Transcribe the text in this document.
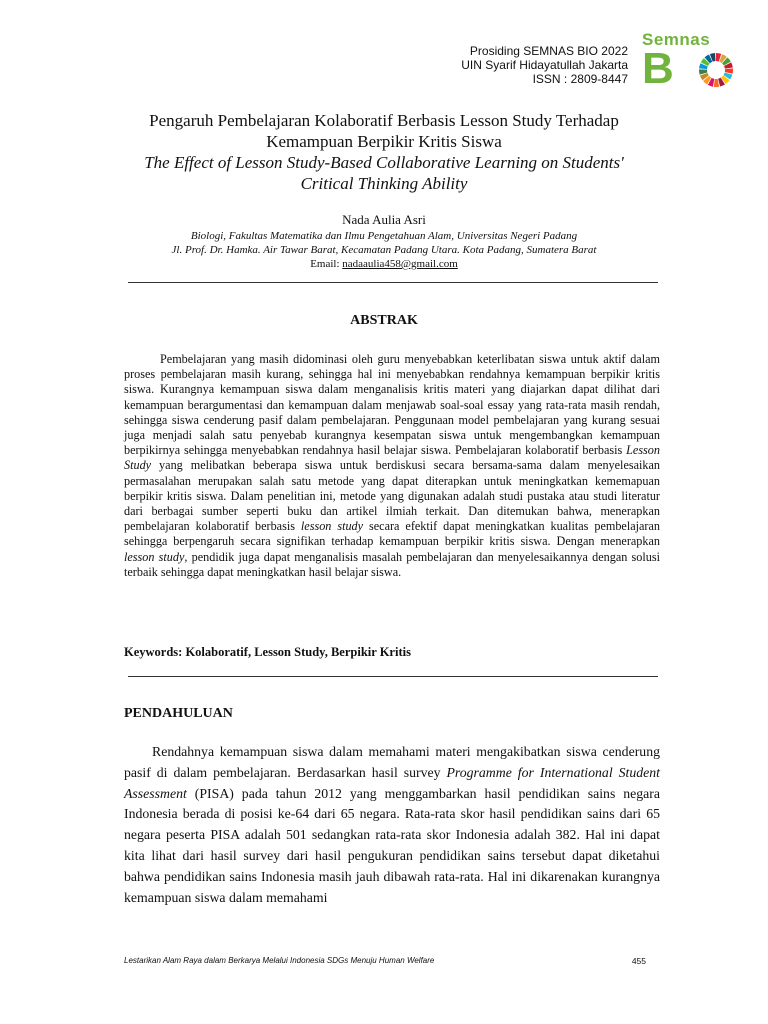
Prosiding SEMNAS BIO 2022
UIN Syarif Hidayatullah Jakarta
ISSN : 2809-8447
Semnas
B
Pengaruh Pembelajaran Kolaboratif Berbasis Lesson Study Terhadap
Kemampuan Berpikir Kritis Siswa
The Effect of Lesson Study-Based Collaborative Learning on Students'
Critical Thinking Ability
Nada Aulia Asri
Biologi, Fakultas Matematika dan Ilmu Pengetahuan Alam, Universitas Negeri Padang
Jl. Prof. Dr. Hamka. Air Tawar Barat, Kecamatan Padang Utara. Kota Padang, Sumatera Barat
Email: nadaaulia458@gmail.com
ABSTRAK

Pembelajaran yang masih didominasi oleh guru menyebabkan keterlibatan siswa untuk aktif dalam proses pembelajaran masih kurang, sehingga hal ini menyebabkan rendahnya kemampuan berpikir kritis siswa. Kurangnya kemampuan siswa dalam menganalisis kritis materi yang diajarkan dapat dilihat dari kemampuan berargumentasi dan kemampuan dalam menjawab soal-soal essay yang rata-rata masih rendah, sehingga siswa cenderung pasif dalam pembelajaran. Penggunaan model pembelajaran yang kurang sesuai juga menjadi salah satu penyebab kurangnya kesempatan siswa untuk mengembangkan kemampuan berpikirnya sehingga menyebabkan rendahnya hasil belajar siswa. Pembelajaran kolaboratif berbasis Lesson Study yang melibatkan beberapa siswa untuk berdiskusi secara bersama-sama dalam menyelesaikan permasalahan merupakan salah satu metode yang dapat diterapkan untuk meningkatkan kememapuan berpikir kritis siswa. Dalam penelitian ini, metode yang digunakan adalah studi pustaka atau studi literatur dari berbagai sumber seperti buku dan artikel ilmiah terkait. Dan ditemukan bahwa, menerapkan pembelajaran kolaboratif berbasis lesson study secara efektif dapat meningkatkan kualitas pembelajaran sehingga berpengaruh secara signifikan terhadap kemampuan berpikir kritis siswa. Dengan menerapkan lesson study, pendidik juga dapat menganalisis masalah pembelajaran dan menyelesaikannya dengan solusi terbaik sehingga dapat meningkatkan hasil belajar siswa.

Keywords: Kolaboratif, Lesson Study, Berpikir Kritis
PENDAHULUAN

Rendahnya kemampuan siswa dalam memahami materi mengakibatkan siswa cenderung pasif di dalam pembelajaran. Berdasarkan hasil survey Programme for International Student Assessment (PISA) pada tahun 2012 yang menggambarkan hasil pendidikan sains negara Indonesia berada di posisi ke-64 dari 65 negara. Rata-rata skor hasil pendidikan sains dari 65 negara peserta PISA adalah 501 sedangkan rata-rata skor Indonesia adalah 382. Hal ini dapat kita lihat dari hasil survey dari hasil pengukuran pendidikan sains tersebut dapat diketahui bahwa pendidikan sains Indonesia masih jauh dibawah rata-rata. Hal ini dikarenakan kurangnya kemampuan siswa dalam memahami

Lestarikan Alam Raya dalam Berkarya Melalui Indonesia SDGs Menuju Human Welfare	455
